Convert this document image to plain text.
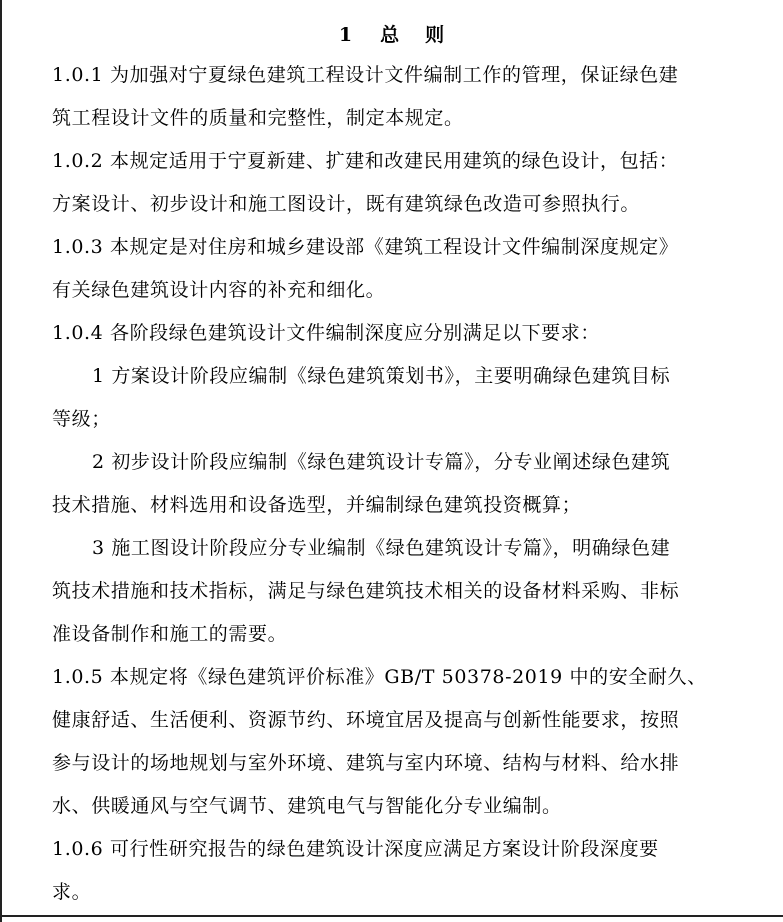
1 总 则
1.0.1 为加强对宁夏绿色建筑工程设计文件编制工作的管理，保证绿色建
筑工程设计文件的质量和完整性，制定本规定。
1.0.2 本规定适用于宁夏新建、扩建和改建民用建筑的绿色设计，包括：
方案设计、初步设计和施工图设计，既有建筑绿色改造可参照执行。
1.0.3 本规定是对住房和城乡建设部《建筑工程设计文件编制深度规定》
有关绿色建筑设计内容的补充和细化。
1.0.4 各阶段绿色建筑设计文件编制深度应分别满足以下要求：
1 方案设计阶段应编制《绿色建筑策划书》，主要明确绿色建筑目标
等级；
2 初步设计阶段应编制《绿色建筑设计专篇》，分专业阐述绿色建筑
技术措施、材料选用和设备选型，并编制绿色建筑投资概算；
3 施工图设计阶段应分专业编制《绿色建筑设计专篇》，明确绿色建
筑技术措施和技术指标，满足与绿色建筑技术相关的设备材料采购、非标
准设备制作和施工的需要。
1.0.5 本规定将《绿色建筑评价标准》GB/T 50378-2019 中的安全耐久、
健康舒适、生活便利、资源节约、环境宜居及提高与创新性能要求，按照
参与设计的场地规划与室外环境、建筑与室内环境、结构与材料、给水排
水、供暖通风与空气调节、建筑电气与智能化分专业编制。
1.0.6 可行性研究报告的绿色建筑设计深度应满足方案设计阶段深度要
求。
